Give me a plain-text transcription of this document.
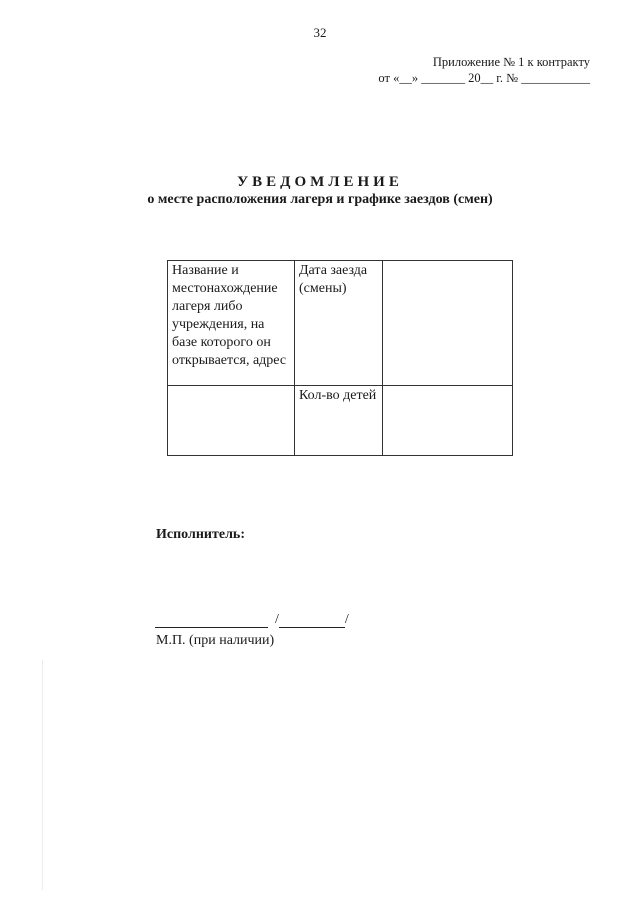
32
Приложение № 1 к контракту
от «__» _______ 20__ г. № ___________
УВЕДОМЛЕНИЕ
о месте расположения лагеря и графике заездов (смен)
Название и местонахождение лагеря либо учреждения, на базе которого он открывается, адрес	Дата заезда (смены)	
	Кол-во детей	
Исполнитель:
/	/
М.П. (при наличии)
